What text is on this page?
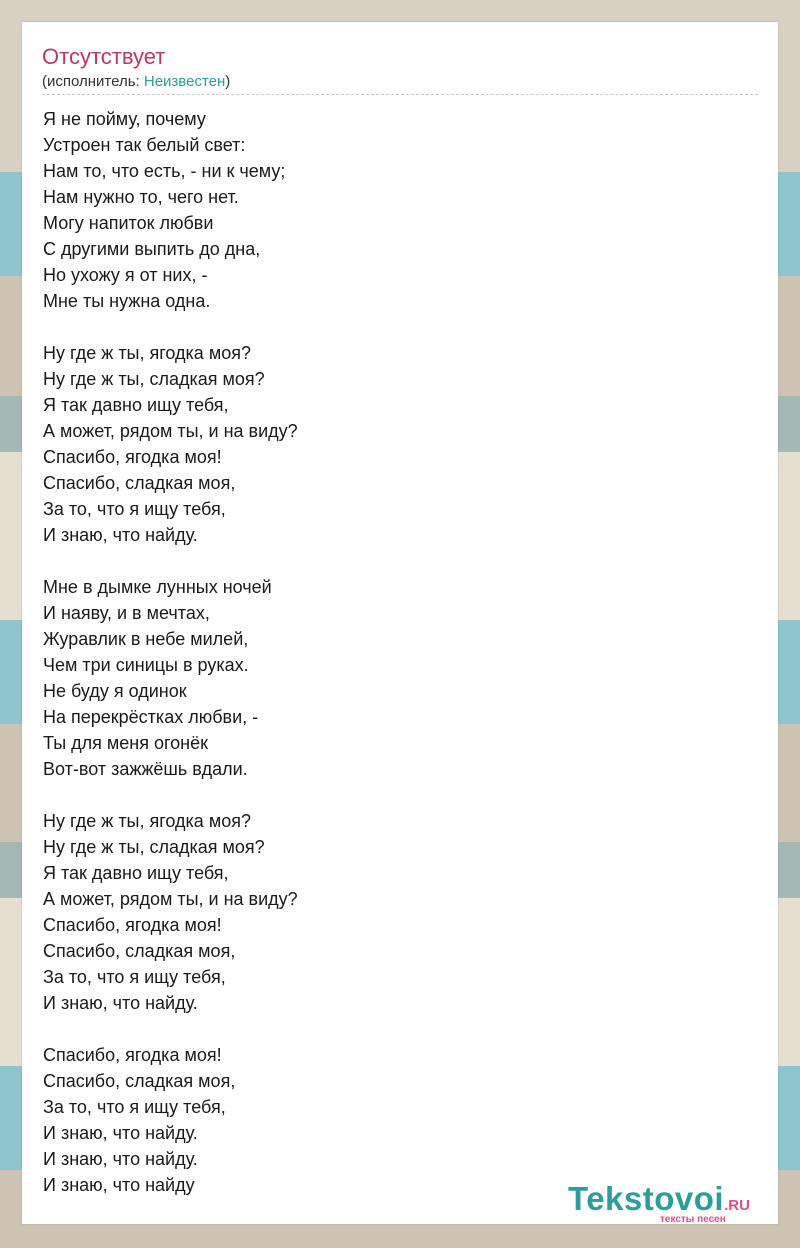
Отсутствует
(исполнитель: Неизвестен)
Я не пойму, почему
Устроен так белый свет:
Нам то, что есть, - ни к чему;
Нам нужно то, чего нет.
Могу напиток любви
С другими выпить до дна,
Но ухожу я от них, -
Мне ты нужна одна.
Ну где ж ты, ягодка моя?
Ну где ж ты, сладкая моя?
Я так давно ищу тебя,
А может, рядом ты, и на виду?
Спасибо, ягодка моя!
Спасибо, сладкая моя,
За то, что я ищу тебя,
И знаю, что найду.
Мне в дымке лунных ночей
И наяву, и в мечтах,
Журавлик в небе милей,
Чем три синицы в руках.
Не буду я одинок
На перекрёстках любви, -
Ты для меня огонёк
Вот-вот зажжёшь вдали.
Ну где ж ты, ягодка моя?
Ну где ж ты, сладкая моя?
Я так давно ищу тебя,
А может, рядом ты, и на виду?
Спасибо, ягодка моя!
Спасибо, сладкая моя,
За то, что я ищу тебя,
И знаю, что найду.
Спасибо, ягодка моя!
Спасибо, сладкая моя,
За то, что я ищу тебя,
И знаю, что найду.
И знаю, что найду.
И знаю, что найду	Tekstovoi.RU
тексты песен
